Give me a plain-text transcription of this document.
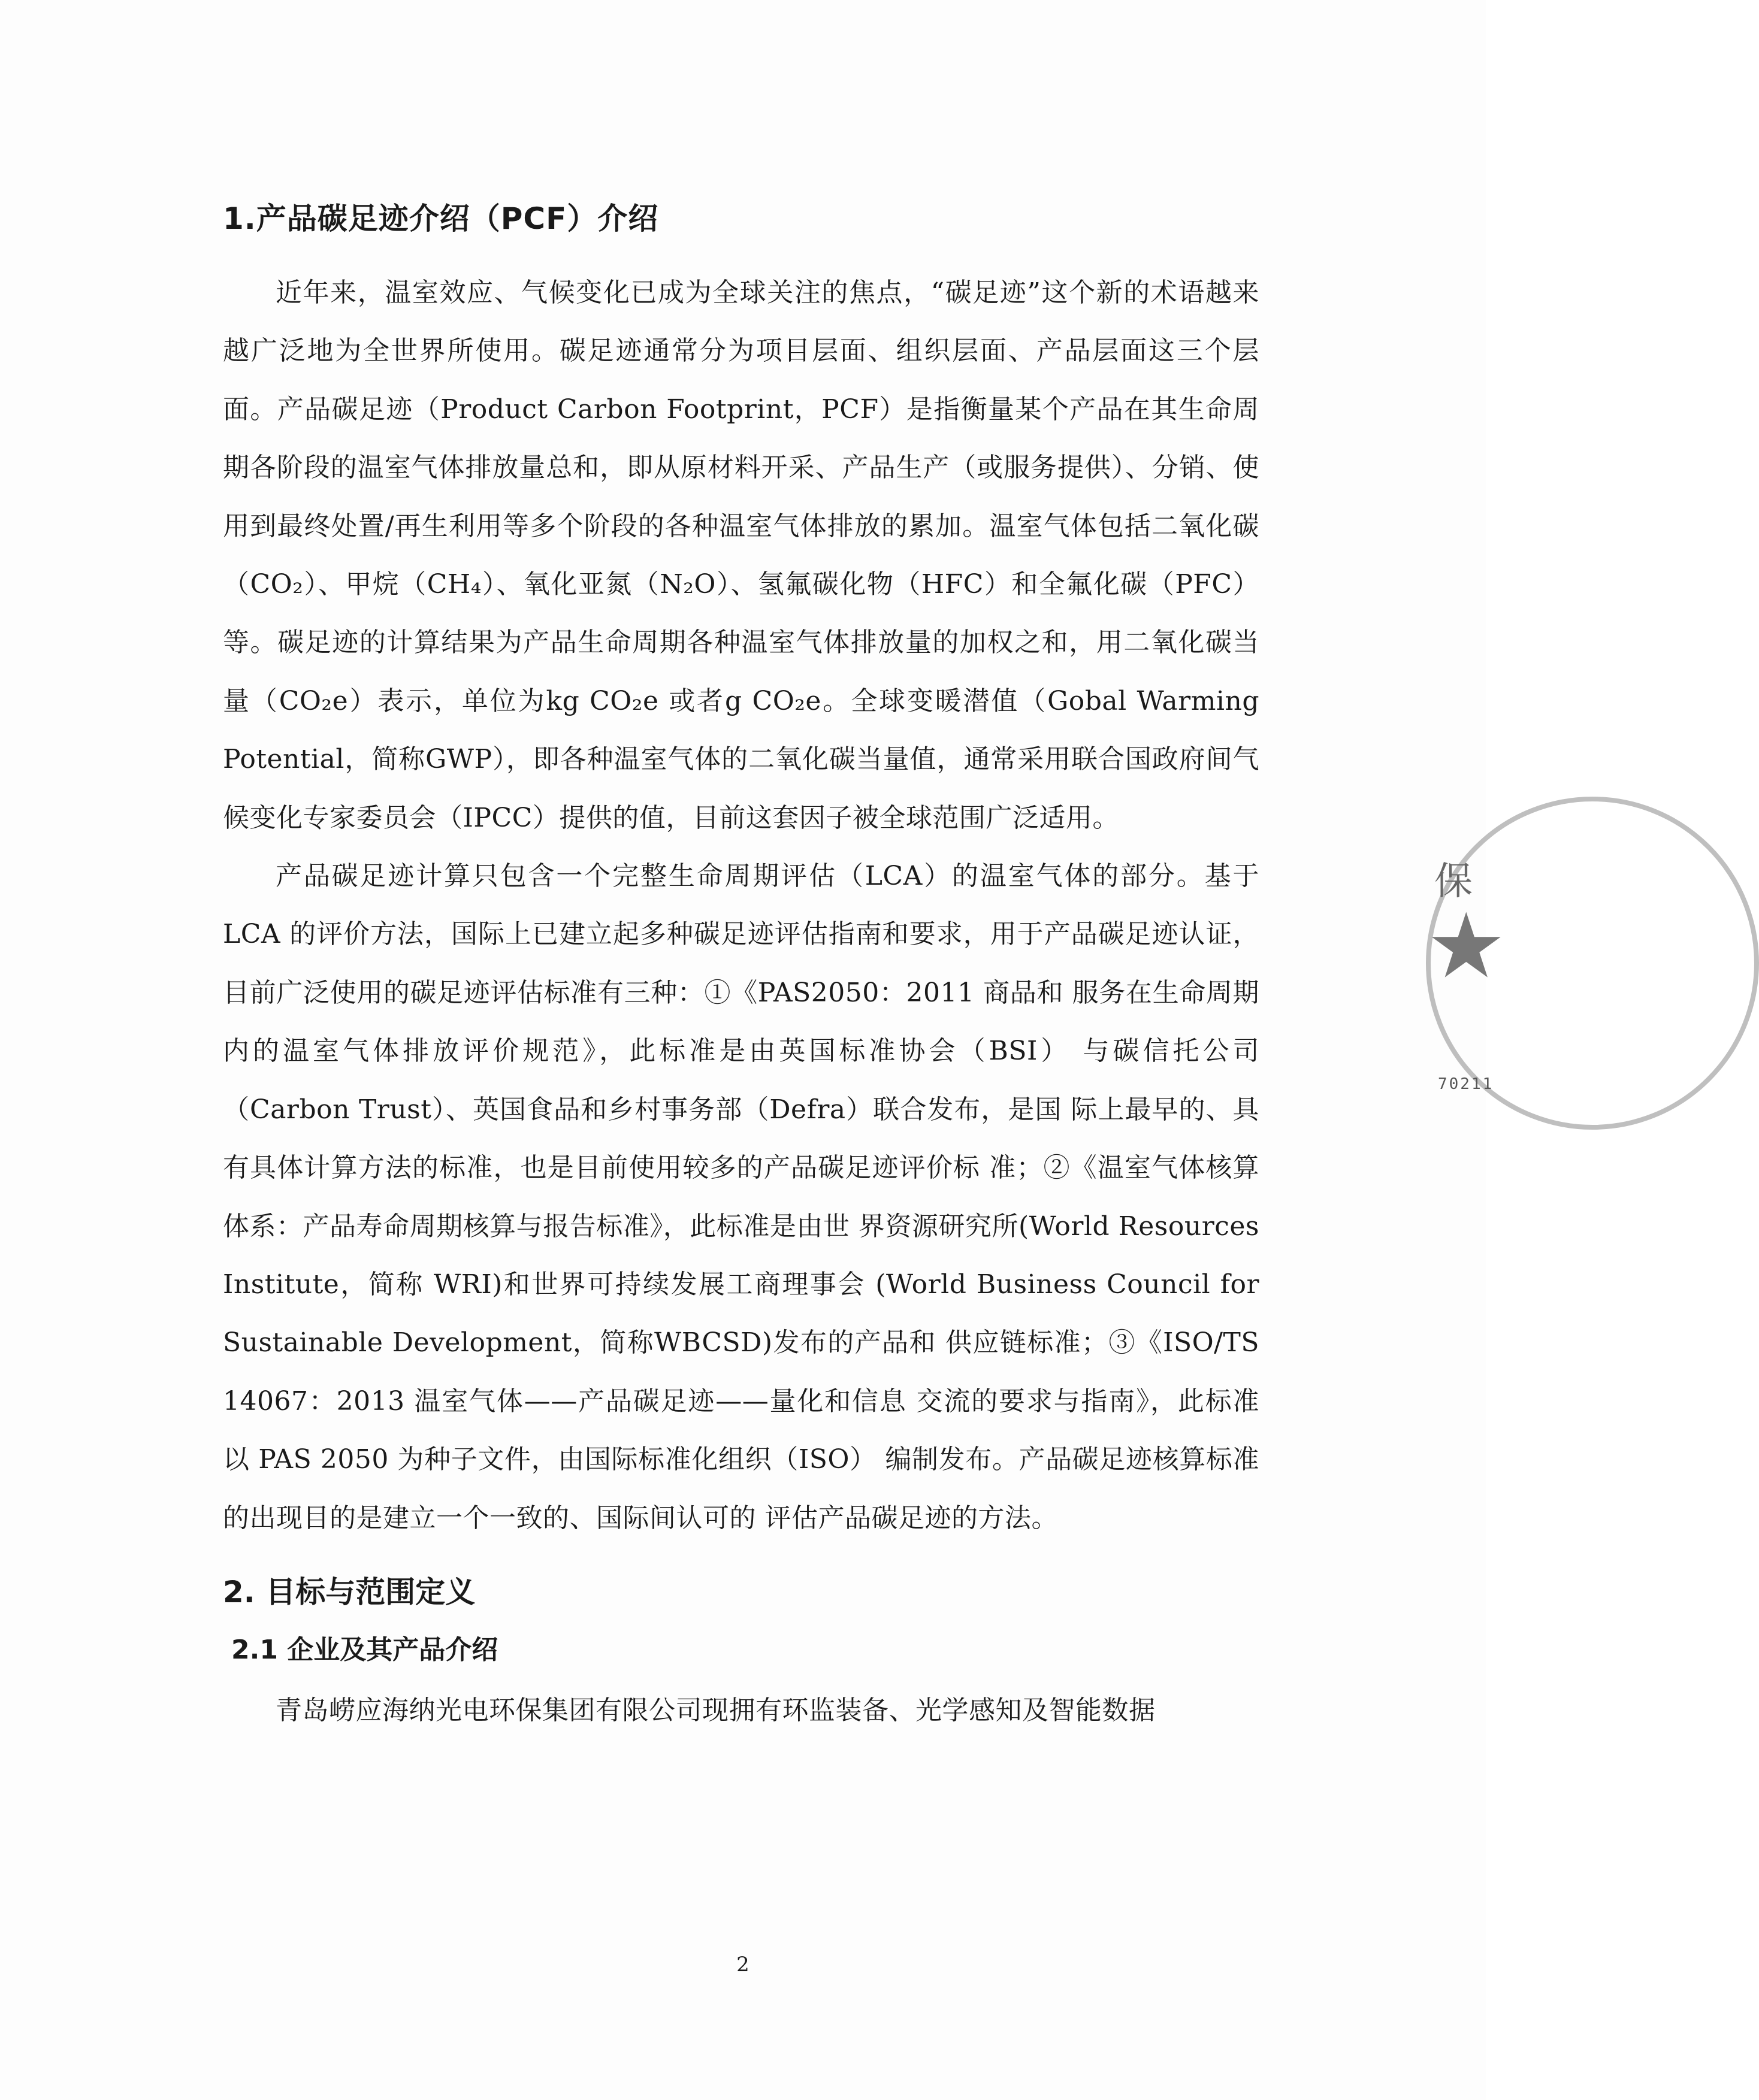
1.产品碳足迹介绍（PCF）介绍

近年来，温室效应、气候变化已成为全球关注的焦点，“碳足迹”这个新的术语越来越广泛地为全世界所使用。碳足迹通常分为项目层面、组织层面、产品层面这三个层面。产品碳足迹（Product Carbon Footprint，PCF）是指衡量某个产品在其生命周期各阶段的温室气体排放量总和，即从原材料开采、产品生产（或服务提供）、分销、使用到最终处置/再生利用等多个阶段的各种温室气体排放的累加。温室气体包括二氧化碳（CO₂）、甲烷（CH₄）、氧化亚氮（N₂O）、氢氟碳化物（HFC）和全氟化碳（PFC）等。碳足迹的计算结果为产品生命周期各种温室气体排放量的加权之和，用二氧化碳当量（CO₂e）表示，单位为kg CO₂e 或者g CO₂e。全球变暖潜值（Gobal Warming Potential，简称GWP），即各种温室气体的二氧化碳当量值，通常采用联合国政府间气候变化专家委员会（IPCC）提供的值，目前这套因子被全球范围广泛适用。

产品碳足迹计算只包含一个完整生命周期评估（LCA）的温室气体的部分。基于 LCA 的评价方法，国际上已建立起多种碳足迹评估指南和要求，用于产品碳足迹认证，目前广泛使用的碳足迹评估标准有三种：①《PAS2050：2011 商品和 服务在生命周期内的温室气体排放评价规范》，此标准是由英国标准协会（BSI） 与碳信托公司（Carbon Trust）、英国食品和乡村事务部（Defra）联合发布，是国 际上最早的、具有具体计算方法的标准，也是目前使用较多的产品碳足迹评价标 准；②《温室气体核算体系：产品寿命周期核算与报告标准》，此标准是由世 界资源研究所(World Resources Institute，简称 WRI)和世界可持续发展工商理事会 (World Business Council for Sustainable Development，简称WBCSD)发布的产品和 供应链标准；③《ISO/TS 14067：2013 温室气体——产品碳足迹——量化和信息 交流的要求与指南》，此标准以 PAS 2050 为种子文件，由国际标准化组织（ISO） 编制发布。产品碳足迹核算标准的出现目的是建立一个一致的、国际间认可的 评估产品碳足迹的方法。

2. 目标与范围定义
2.1 企业及其产品介绍

青岛崂应海纳光电环保集团有限公司现拥有环监装备、光学感知及智能数据

保
★
70211
2
